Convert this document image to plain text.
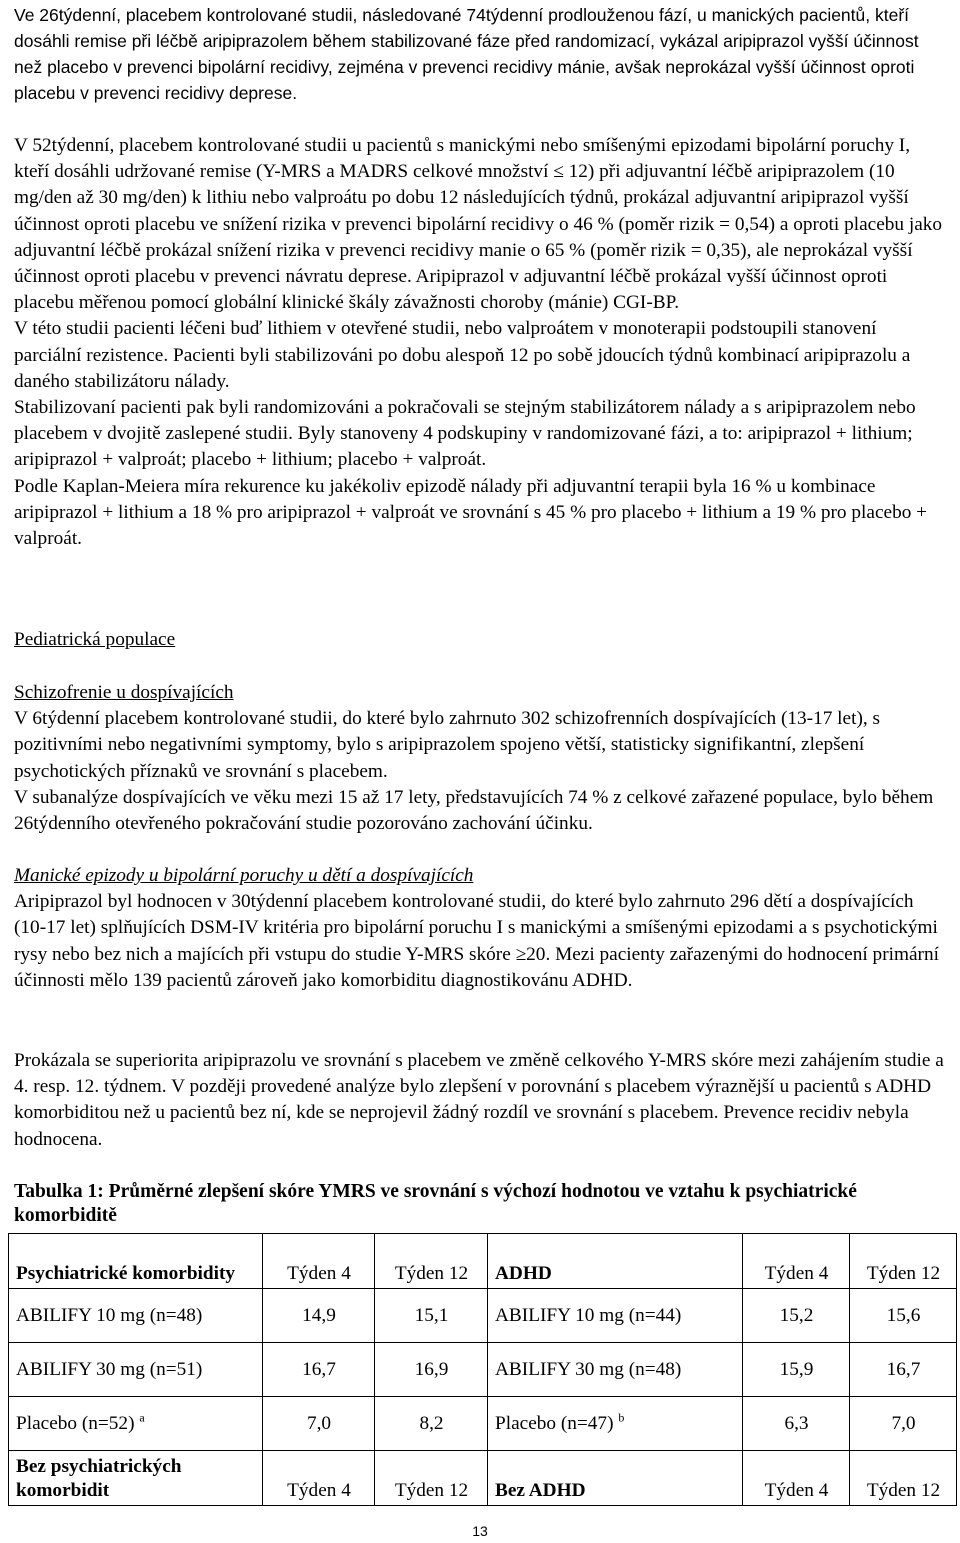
Ve 26týdenní, placebem kontrolované studii, následované 74týdenní prodlouženou fází, u manických pacientů, kteří dosáhli remise při léčbě aripiprazolem během stabilizované fáze před randomizací, vykázal aripiprazol vyšší účinnost než placebo v prevenci bipolární recidivy, zejména v prevenci recidivy mánie, avšak neprokázal vyšší účinnost oproti placebu v prevenci recidivy deprese.

V 52týdenní, placebem kontrolované studii u pacientů s manickými nebo smíšenými epizodami bipolární poruchy I, kteří dosáhli udržované remise (Y-MRS a MADRS celkové množství ≤ 12) při adjuvantní léčbě aripiprazolem (10 mg/den až 30 mg/den) k lithiu nebo valproátu po dobu 12 následujících týdnů, prokázal adjuvantní aripiprazol vyšší účinnost oproti placebu ve snížení rizika v prevenci bipolární recidivy o 46 % (poměr rizik = 0,54) a oproti placebu jako adjuvantní léčbě prokázal snížení rizika v prevenci recidivy manie o 65 % (poměr rizik = 0,35), ale neprokázal vyšší účinnost oproti placebu v prevenci návratu deprese. Aripiprazol v adjuvantní léčbě prokázal vyšší účinnost oproti placebu měřenou pomocí globální klinické škály závažnosti choroby (mánie) CGI-BP.

V této studii pacienti léčeni buď lithiem v otevřené studii, nebo valproátem v monoterapii podstoupili stanovení parciální rezistence. Pacienti byli stabilizováni po dobu alespoň 12 po sobě jdoucích týdnů kombinací aripiprazolu a daného stabilizátoru nálady.

Stabilizovaní pacienti pak byli randomizováni a pokračovali se stejným stabilizátorem nálady a s aripiprazolem nebo placebem v dvojitě zaslepené studii. Byly stanoveny 4 podskupiny v randomizované fázi, a to: aripiprazol + lithium; aripiprazol + valproát; placebo + lithium; placebo + valproát.

Podle Kaplan-Meiera míra rekurence ku jakékoliv epizodě nálady při adjuvantní terapii byla 16 % u kombinace aripiprazol + lithium a 18 % pro aripiprazol + valproát ve srovnání s 45 % pro placebo + lithium a 19 % pro placebo + valproát.

Pediatrická populace

Schizofrenie u dospívajících

V 6týdenní placebem kontrolované studii, do které bylo zahrnuto 302 schizofrenních dospívajících (13-17 let), s pozitivními nebo negativními symptomy, bylo s aripiprazolem spojeno větší, statisticky signifikantní, zlepšení psychotických příznaků ve srovnání s placebem.

V subanalýze dospívajících ve věku mezi 15 až 17 lety, představujících 74 % z celkové zařazené populace, bylo během 26týdenního otevřeného pokračování studie pozorováno zachování účinku.

Manické epizody u bipolární poruchy u dětí a dospívajících

Aripiprazol byl hodnocen v 30týdenní placebem kontrolované studii, do které bylo zahrnuto 296 dětí a dospívajících (10-17 let) splňujících DSM-IV kritéria pro bipolární poruchu I s manickými a smíšenými epizodami a s psychotickými rysy nebo bez nich a majících při vstupu do studie Y-MRS skóre ≥20. Mezi pacienty zařazenými do hodnocení primární účinnosti mělo 139 pacientů zároveň jako komorbiditu diagnostikovánu ADHD.

Prokázala se superiorita aripiprazolu ve srovnání s placebem ve změně celkového Y-MRS skóre mezi zahájením studie a 4. resp. 12. týdnem. V později provedené analýze bylo zlepšení v porovnání s placebem výraznější u pacientů s ADHD komorbiditou než u pacientů bez ní, kde se neprojevil žádný rozdíl ve srovnání s placebem. Prevence recidiv nebyla hodnocena.

Tabulka 1: Průměrné zlepšení skóre YMRS ve srovnání s výchozí hodnotou ve vztahu k psychiatrické komorbiditě

Psychiatrické komorbidity	Týden 4	Týden 12	ADHD	Týden 4	Týden 12
ABILIFY 10 mg (n=48)	14,9	15,1	ABILIFY 10 mg (n=44)	15,2	15,6
ABILIFY 30 mg (n=51)	16,7	16,9	ABILIFY 30 mg (n=48)	15,9	16,7
Placebo (n=52) $^a$	7,0	8,2	Placebo (n=47) $^b$	6,3	7,0
Bez psychiatrických komorbidit	Týden 4	Týden 12	Bez ADHD	Týden 4	Týden 12
13
